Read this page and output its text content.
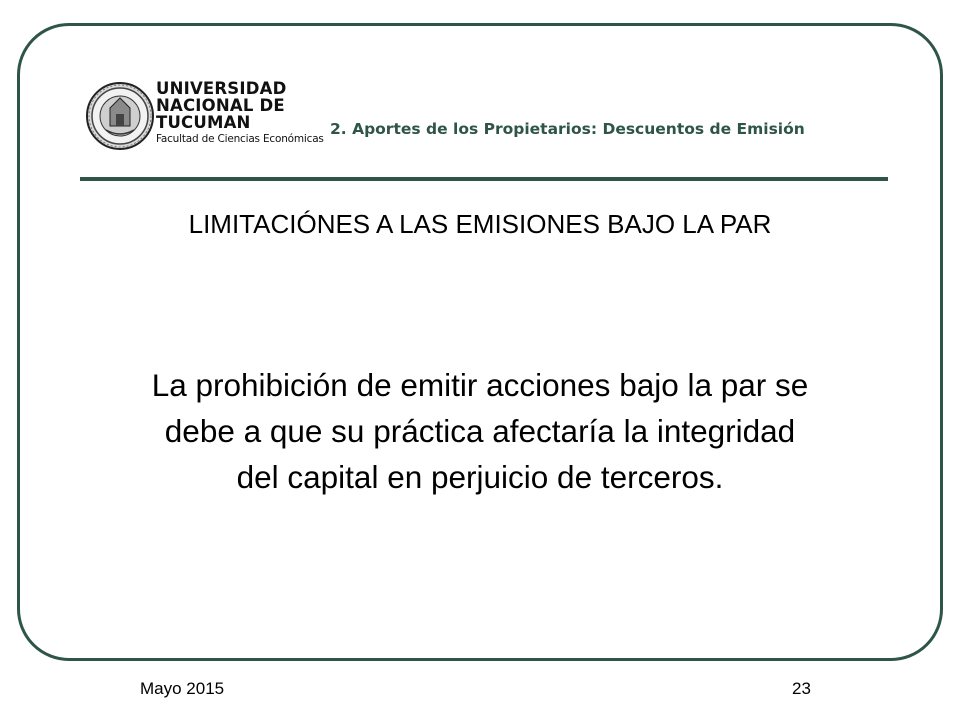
UNIVERSIDAD
NACIONAL DE
TUCUMAN
Facultad de Ciencias Económicas
2. Aportes de los Propietarios: Descuentos de Emisión
LIMITACIÓNES A LAS EMISIONES BAJO LA PAR
La prohibición de emitir acciones bajo la par se
debe a que su práctica afectaría la integridad
del capital en perjuicio de terceros.
Mayo 2015	23
